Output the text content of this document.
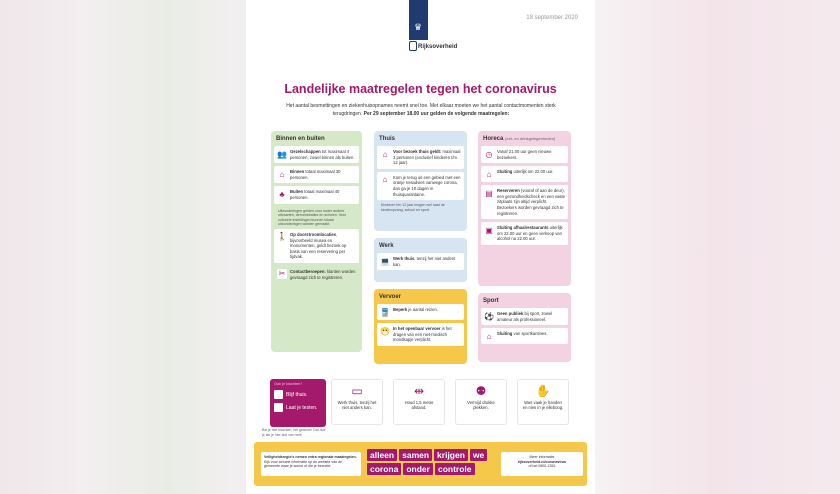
18 september 2020
♛
Rijksoverheid
Landelijke maatregelen tegen het coronavirus
Het aantal besmettingen en ziekenhuisopnames neemt snel toe. Met elkaar moeten we het aantal contactmomenten sterk terugdringen. Per 29 september 18.00 uur gelden de volgende maatregelen:
Binnen en buiten
👥 Gezelschappen tot maximaal 4 personen, zowel binnen als buiten.
⌂	Binnen totaal maximaal 30 personen.
♣	Buiten totaal maximaal 40 personen.
Uitzonderingen gelden voor onder andere uitvaarten, demonstraties en scholen. Voor culturele instellingen kunnen lokaal uitzonderingen worden gemaakt.
🚶 Op doorstroomlocaties, bijvoorbeeld musea en monumenten, geldt bezoek op basis van een reservering per tijdvak.
✂	Contactberoepen: klanten worden gevraagd zich te registreren.
Thuis
⌂	Voor bezoek thuis geldt: maximaal 3 personen (exclusief kinderen t/m 12 jaar).
⌂	Kom je terug uit een gebied met een oranje reisadvies vanwege corona, dan ga je 10 dagen in thuisquarantaine.
Kinderen t/m 12 jaar mogen wel naar de kinderopvang, school en sport.
Werk
💻 Werk thuis, tenzij het niet anders kan.
Vervoer
🚆 Beperk je aantal reizen.
😷 In het openbaar vervoer is het dragen van een niet-medisch mondkapje verplicht.
Horeca (eet- en drinkgelegenheden)
◷	Vanaf 21.00 uur geen nieuwe bezoekers.
⌂	Sluiting uiterlijk om 22.00 uur.
▤ Reserveren (vooraf of aan de deur), een gezondheidscheck en een vaste zitplaats zijn altijd verplicht. Bezoekers worden gevraagd zich te registreren.
▣ Sluiting afhaalrestaurants uiterlijk om 22.00 uur en geen verkoop van alcohol na 22.00 uur.
Sport
⚽ Geen publiek bij sport, zowel amateur als professioneel.
⌂	Sluiting van sportkantines.
Ook je klachten?
Blijf thuis.
Laat je testen.
Bel je niet klachten, bel gewoon! Dat doe je als je hier last van hebt.
▭
Werk thuis, tenzij het niet anders kan.
⇹
Houd 1,5 meter afstand.
⚉
Vermijd drukke plekken.
✋
Was vaak je handen en nies in je elleboog.
Veiligheidsregio's nemen extra regionale maatregelen. Kijk voor actuele informatie op de website van de gemeente waar je woont of die je bezoekt.
alleen samen krijgen we
corona onder controle
Meer informatie
rijksoverheid.nl/coronavirus
of bel 0800-1351
